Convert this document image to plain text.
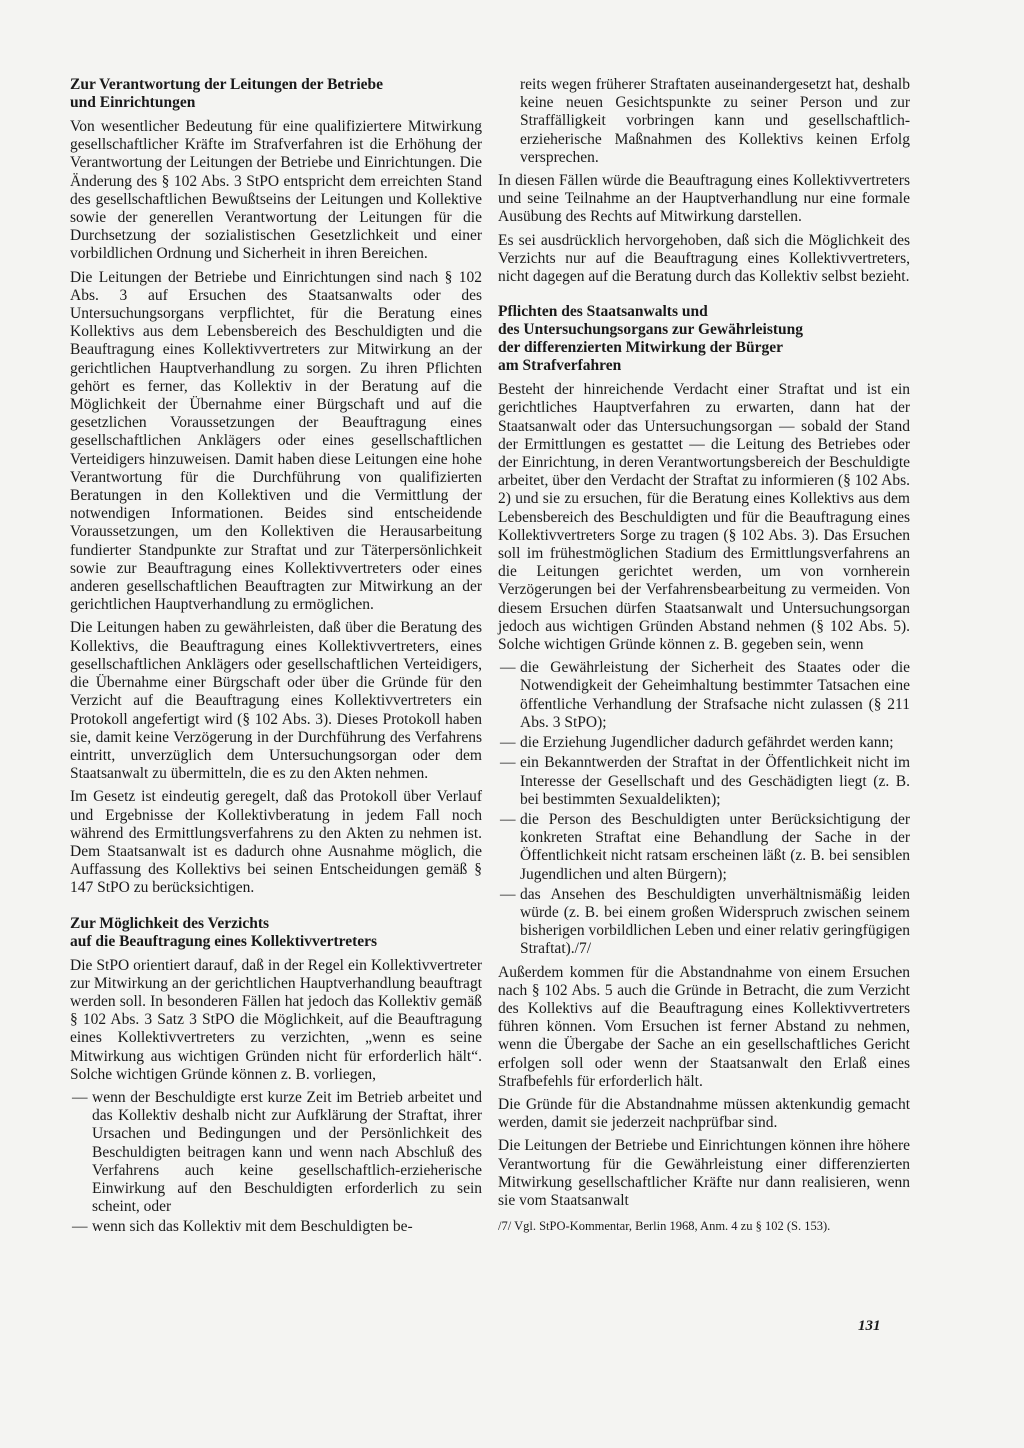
Zur Verantwortung der Leitungen der Betriebe
und Einrichtungen

Von wesentlicher Bedeutung für eine qualifiziertere Mitwirkung gesellschaftlicher Kräfte im Strafverfahren ist die Erhöhung der Verantwortung der Leitungen der Betriebe und Einrichtungen. Die Änderung des § 102 Abs. 3 StPO entspricht dem erreichten Stand des gesellschaftlichen Bewußtseins der Leitungen und Kollektive sowie der generellen Verantwortung der Leitungen für die Durchsetzung der sozialistischen Gesetzlichkeit und einer vorbildlichen Ordnung und Sicherheit in ihren Bereichen.

Die Leitungen der Betriebe und Einrichtungen sind nach § 102 Abs. 3 auf Ersuchen des Staatsanwalts oder des Untersuchungsorgans verpflichtet, für die Beratung eines Kollektivs aus dem Lebensbereich des Beschuldigten und die Beauftragung eines Kollektivvertreters zur Mitwirkung an der gerichtlichen Hauptverhandlung zu sorgen. Zu ihren Pflichten gehört es ferner, das Kollektiv in der Beratung auf die Möglichkeit der Übernahme einer Bürgschaft und auf die gesetzlichen Voraussetzungen der Beauftragung eines gesellschaftlichen Anklägers oder eines gesellschaftlichen Verteidigers hinzuweisen. Damit haben diese Leitungen eine hohe Verantwortung für die Durchführung von qualifizierten Beratungen in den Kollektiven und die Vermittlung der notwendigen Informationen. Beides sind entscheidende Voraussetzungen, um den Kollektiven die Herausarbeitung fundierter Standpunkte zur Straftat und zur Täterpersönlichkeit sowie zur Beauftragung eines Kollektivvertreters oder eines anderen gesellschaftlichen Beauftragten zur Mitwirkung an der gerichtlichen Hauptverhandlung zu ermöglichen.

Die Leitungen haben zu gewährleisten, daß über die Beratung des Kollektivs, die Beauftragung eines Kollektivvertreters, eines gesellschaftlichen Anklägers oder gesellschaftlichen Verteidigers, die Übernahme einer Bürgschaft oder über die Gründe für den Verzicht auf die Beauftragung eines Kollektivvertreters ein Protokoll angefertigt wird (§ 102 Abs. 3). Dieses Protokoll haben sie, damit keine Verzögerung in der Durchführung des Verfahrens eintritt, unverzüglich dem Untersuchungsorgan oder dem Staatsanwalt zu übermitteln, die es zu den Akten nehmen.

Im Gesetz ist eindeutig geregelt, daß das Protokoll über Verlauf und Ergebnisse der Kollektivberatung in jedem Fall noch während des Ermittlungsverfahrens zu den Akten zu nehmen ist. Dem Staatsanwalt ist es dadurch ohne Ausnahme möglich, die Auffassung des Kollektivs bei seinen Entscheidungen gemäß § 147 StPO zu berücksichtigen.

Zur Möglichkeit des Verzichts
auf die Beauftragung eines Kollektivvertreters

Die StPO orientiert darauf, daß in der Regel ein Kollektivvertreter zur Mitwirkung an der gerichtlichen Hauptverhandlung beauftragt werden soll. In besonderen Fällen hat jedoch das Kollektiv gemäß § 102 Abs. 3 Satz 3 StPO die Möglichkeit, auf die Beauftragung eines Kollektivvertreters zu verzichten, „wenn es seine Mitwirkung aus wichtigen Gründen nicht für erforderlich hält“. Solche wichtigen Gründe können z. B. vorliegen,

— wenn der Beschuldigte erst kurze Zeit im Betrieb arbeitet und das Kollektiv deshalb nicht zur Aufklärung der Straftat, ihrer Ursachen und Bedingungen und der Persönlichkeit des Beschuldigten beitragen kann und wenn nach Abschluß des Verfahrens auch keine gesellschaftlich-erzieherische Einwirkung auf den Beschuldigten erforderlich zu sein scheint, oder
— wenn sich das Kollektiv mit dem Beschuldigten be-

reits wegen früherer Straftaten auseinandergesetzt hat, deshalb keine neuen Gesichtspunkte zu seiner Person und zur Straffälligkeit vorbringen kann und gesellschaftlich-erzieherische Maßnahmen des Kollektivs keinen Erfolg versprechen.

In diesen Fällen würde die Beauftragung eines Kollektivvertreters und seine Teilnahme an der Hauptverhandlung nur eine formale Ausübung des Rechts auf Mitwirkung darstellen.

Es sei ausdrücklich hervorgehoben, daß sich die Möglichkeit des Verzichts nur auf die Beauftragung eines Kollektivvertreters, nicht dagegen auf die Beratung durch das Kollektiv selbst bezieht.

Pflichten des Staatsanwalts und
des Untersuchungsorgans zur Gewährleistung
der differenzierten Mitwirkung der Bürger
am Strafverfahren

Besteht der hinreichende Verdacht einer Straftat und ist ein gerichtliches Hauptverfahren zu erwarten, dann hat der Staatsanwalt oder das Untersuchungsorgan — sobald der Stand der Ermittlungen es gestattet — die Leitung des Betriebes oder der Einrichtung, in deren Verantwortungsbereich der Beschuldigte arbeitet, über den Verdacht der Straftat zu informieren (§ 102 Abs. 2) und sie zu ersuchen, für die Beratung eines Kollektivs aus dem Lebensbereich des Beschuldigten und für die Beauftragung eines Kollektivvertreters Sorge zu tragen (§ 102 Abs. 3). Das Ersuchen soll im frühestmöglichen Stadium des Ermittlungsverfahrens an die Leitungen gerichtet werden, um von vornherein Verzögerungen bei der Verfahrensbearbeitung zu vermeiden. Von diesem Ersuchen dürfen Staatsanwalt und Untersuchungsorgan jedoch aus wichtigen Gründen Abstand nehmen (§ 102 Abs. 5). Solche wichtigen Gründe können z. B. gegeben sein, wenn

— die Gewährleistung der Sicherheit des Staates oder die Notwendigkeit der Geheimhaltung bestimmter Tatsachen eine öffentliche Verhandlung der Strafsache nicht zulassen (§ 211 Abs. 3 StPO);
— die Erziehung Jugendlicher dadurch gefährdet werden kann;
— ein Bekanntwerden der Straftat in der Öffentlichkeit nicht im Interesse der Gesellschaft und des Geschädigten liegt (z. B. bei bestimmten Sexualdelikten);
— die Person des Beschuldigten unter Berücksichtigung der konkreten Straftat eine Behandlung der Sache in der Öffentlichkeit nicht ratsam erscheinen läßt (z. B. bei sensiblen Jugendlichen und alten Bürgern);
— das Ansehen des Beschuldigten unverhältnismäßig leiden würde (z. B. bei einem großen Widerspruch zwischen seinem bisherigen vorbildlichen Leben und einer relativ geringfügigen Straftat)./7/

Außerdem kommen für die Abstandnahme von einem Ersuchen nach § 102 Abs. 5 auch die Gründe in Betracht, die zum Verzicht des Kollektivs auf die Beauftragung eines Kollektivvertreters führen können. Vom Ersuchen ist ferner Abstand zu nehmen, wenn die Übergabe der Sache an ein gesellschaftliches Gericht erfolgen soll oder wenn der Staatsanwalt den Erlaß eines Strafbefehls für erforderlich hält.

Die Gründe für die Abstandnahme müssen aktenkundig gemacht werden, damit sie jederzeit nachprüfbar sind.

Die Leitungen der Betriebe und Einrichtungen können ihre höhere Verantwortung für die Gewährleistung einer differenzierten Mitwirkung gesellschaftlicher Kräfte nur dann realisieren, wenn sie vom Staatsanwalt

/7/ Vgl. StPO-Kommentar, Berlin 1968, Anm. 4 zu § 102 (S. 153).
131
